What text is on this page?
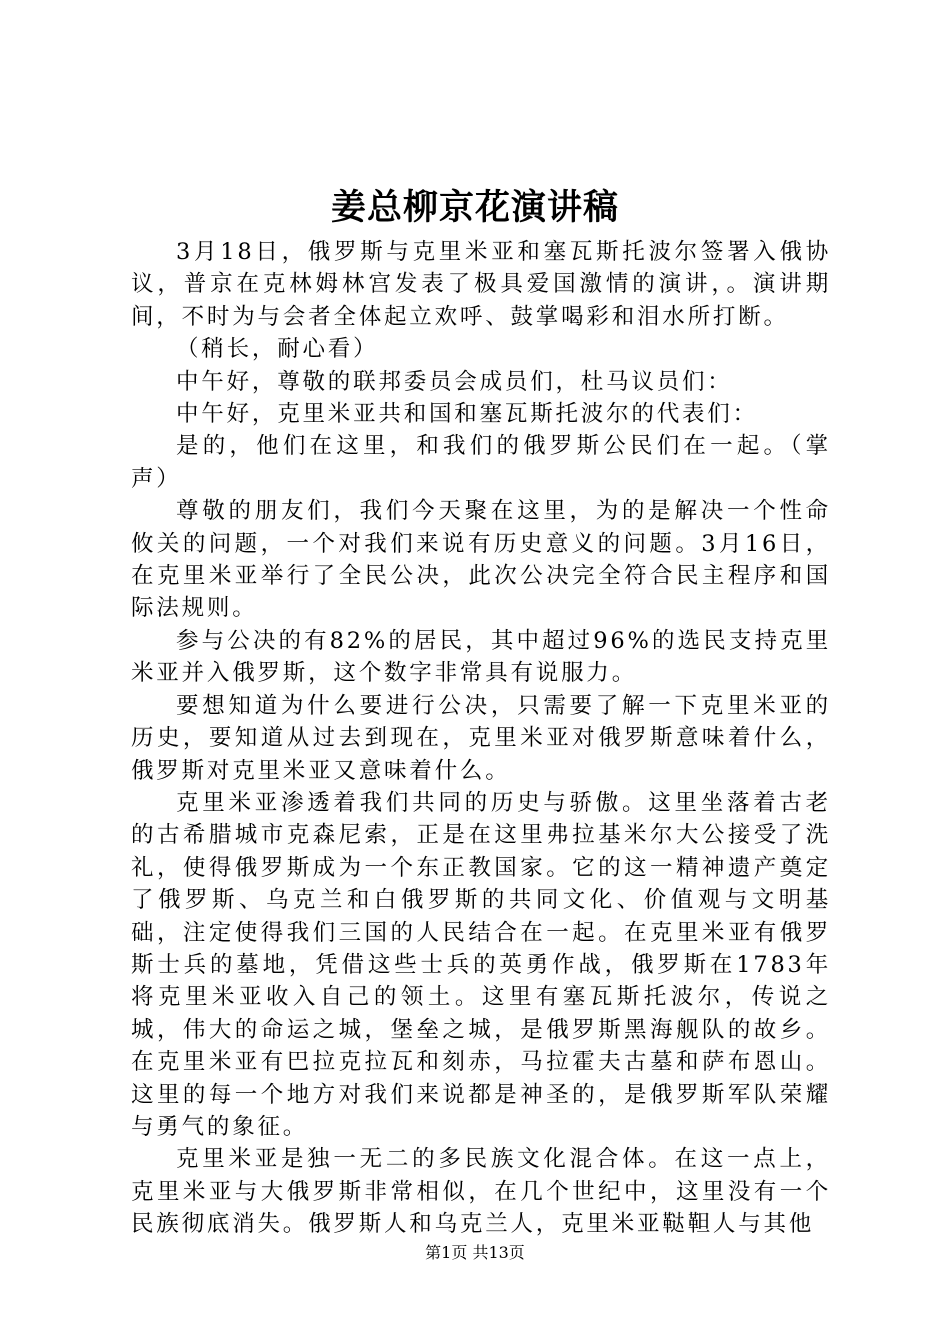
姜总柳京花演讲稿

3月18日，俄罗斯与克里米亚和塞瓦斯托波尔签署入俄协议，普京在克林姆林宫发表了极具爱国激情的演讲，。演讲期间，不时为与会者全体起立欢呼、鼓掌喝彩和泪水所打断。

（稍长，耐心看）

中午好，尊敬的联邦委员会成员们，杜马议员们：

中午好，克里米亚共和国和塞瓦斯托波尔的代表们：

是的，他们在这里，和我们的俄罗斯公民们在一起。（掌声）

尊敬的朋友们，我们今天聚在这里，为的是解决一个性命攸关的问题，一个对我们来说有历史意义的问题。3月16日，在克里米亚举行了全民公决，此次公决完全符合民主程序和国际法规则。

参与公决的有82%的居民，其中超过96%的选民支持克里米亚并入俄罗斯，这个数字非常具有说服力。

要想知道为什么要进行公决，只需要了解一下克里米亚的历史，要知道从过去到现在，克里米亚对俄罗斯意味着什么，俄罗斯对克里米亚又意味着什么。

克里米亚渗透着我们共同的历史与骄傲。这里坐落着古老的古希腊城市克森尼索，正是在这里弗拉基米尔大公接受了洗礼，使得俄罗斯成为一个东正教国家。它的这一精神遗产奠定了俄罗斯、乌克兰和白俄罗斯的共同文化、价值观与文明基础，注定使得我们三国的人民结合在一起。在克里米亚有俄罗斯士兵的墓地，凭借这些士兵的英勇作战，俄罗斯在1783年将克里米亚收入自己的领土。这里有塞瓦斯托波尔，传说之城，伟大的命运之城，堡垒之城，是俄罗斯黑海舰队的故乡。在克里米亚有巴拉克拉瓦和刻赤，马拉霍夫古墓和萨布恩山。这里的每一个地方对我们来说都是神圣的，是俄罗斯军队荣耀与勇气的象征。

克里米亚是独一无二的多民族文化混合体。在这一点上，克里米亚与大俄罗斯非常相似，在几个世纪中，这里没有一个民族彻底消失。俄罗斯人和乌克兰人，克里米亚鞑靼人与其他

第1页 共13页
